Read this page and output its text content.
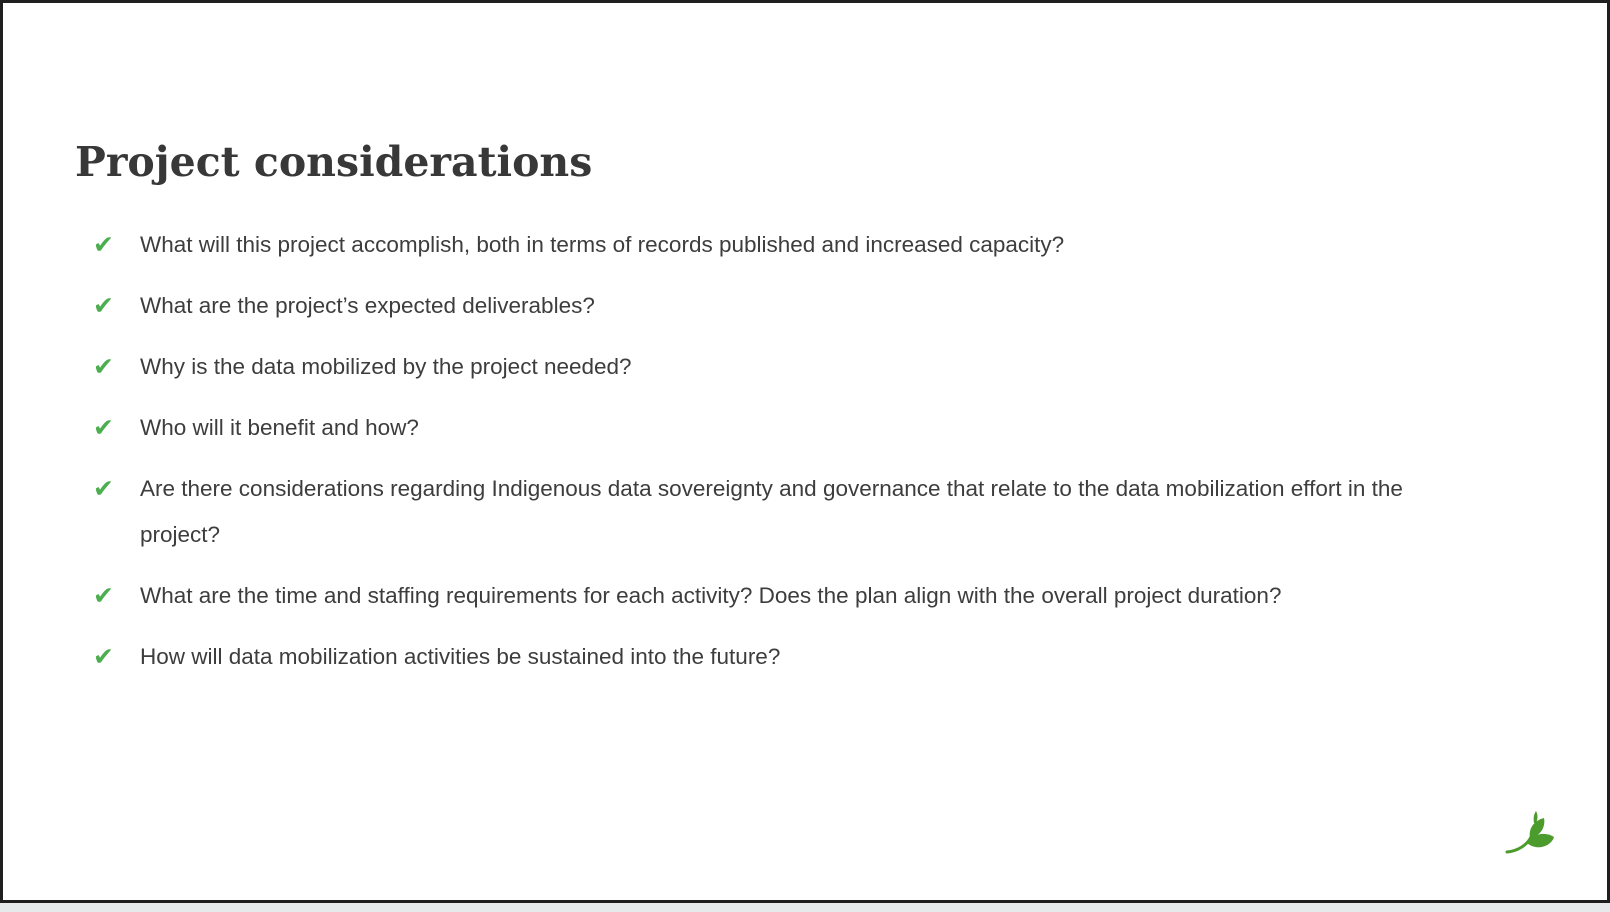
Project considerations
✔	What will this project accomplish, both in terms of records published and increased capacity?
✔	What are the project’s expected deliverables?
✔	Why is the data mobilized by the project needed?
✔	Who will it benefit and how?
✔	Are there considerations regarding Indigenous data sovereignty and governance that relate to the data mobilization effort in the project?
✔	What are the time and staffing requirements for each activity? Does the plan align with the overall project duration?
✔	How will data mobilization activities be sustained into the future?
